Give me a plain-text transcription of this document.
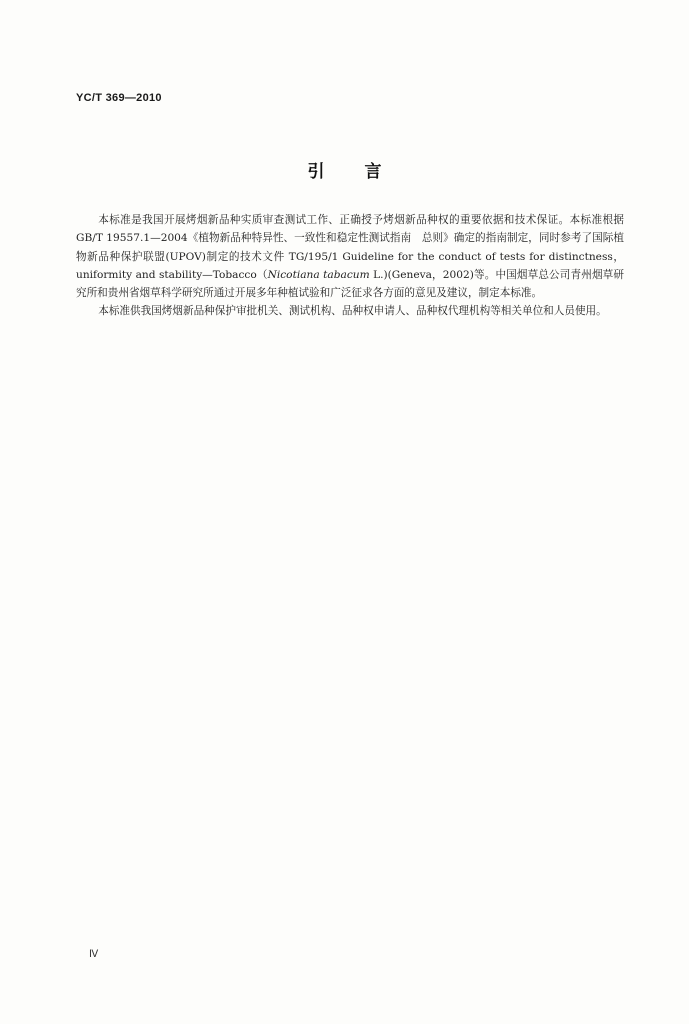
YC/T 369—2010
引 言

本标准是我国开展烤烟新品种实质审查测试工作、正确授予烤烟新品种权的重要依据和技术保证。本标准根据 GB/T 19557.1—2004《植物新品种特异性、一致性和稳定性测试指南　总则》确定的指南制定，同时参考了国际植物新品种保护联盟(UPOV)制定的技术文件 TG/195/1 Guideline for the conduct of tests for distinctness，uniformity and stability—Tobacco（Nicotiana tabacum L.)(Geneva，2002)等。中国烟草总公司青州烟草研究所和贵州省烟草科学研究所通过开展多年种植试验和广泛征求各方面的意见及建议，制定本标准。

本标准供我国烤烟新品种保护审批机关、测试机构、品种权申请人、品种权代理机构等相关单位和人员使用。

Ⅳ
